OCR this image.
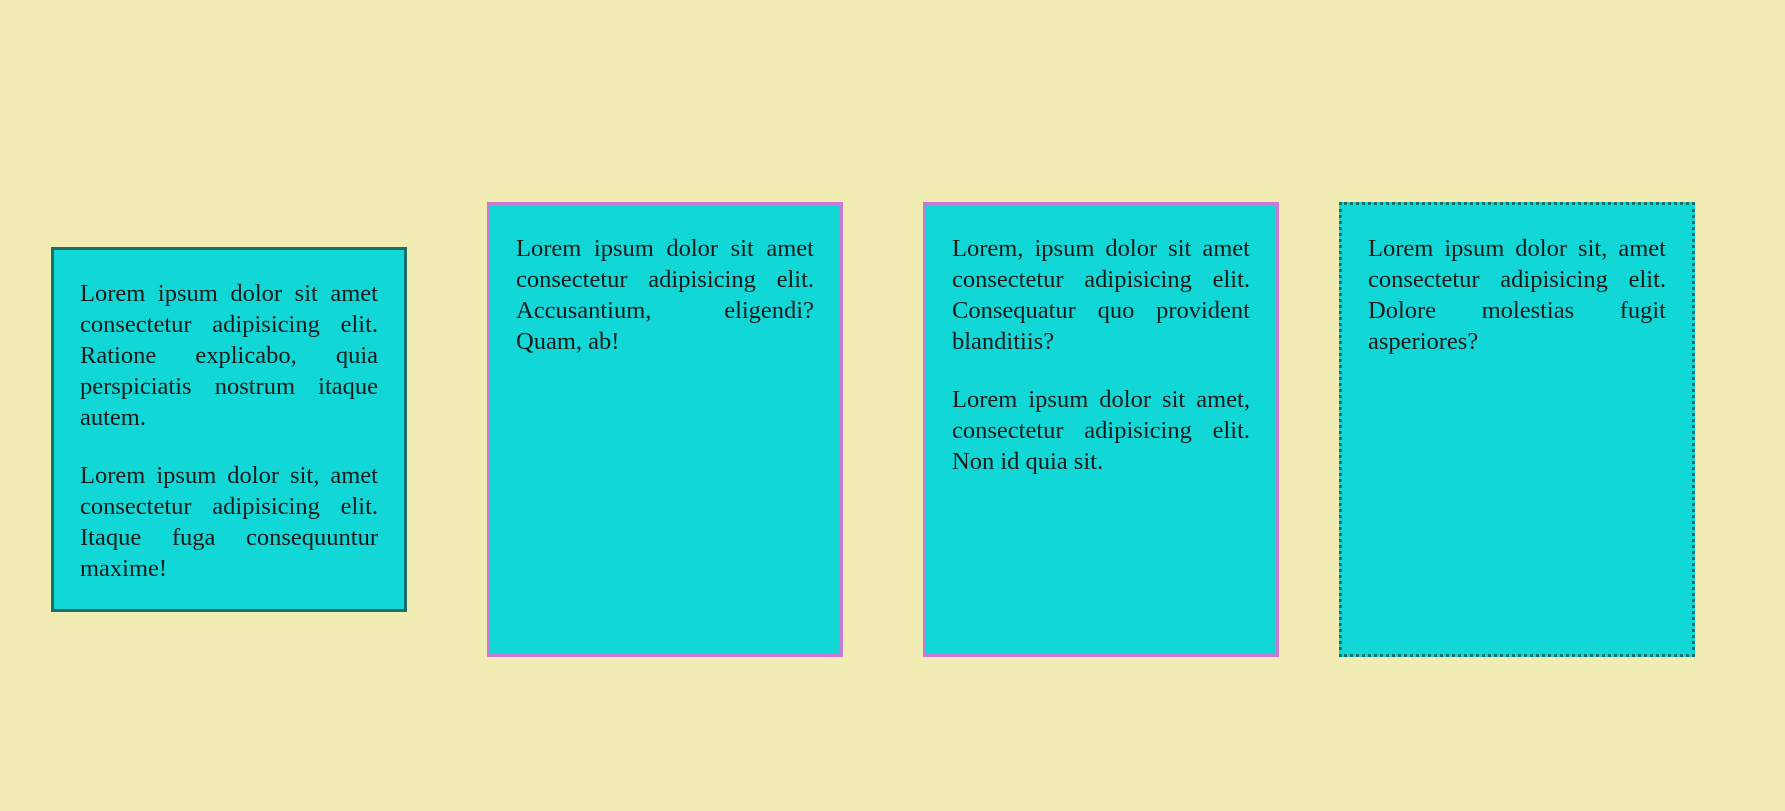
Lorem ipsum dolor sit amet consectetur adipisicing elit. Ratione explicabo, quia perspiciatis nostrum itaque autem.

Lorem ipsum dolor sit, amet consectetur adipisicing elit. Itaque fuga consequuntur maxime!

Lorem ipsum dolor sit amet consectetur adipisicing elit. Accusantium, eligendi? Quam, ab!

Lorem, ipsum dolor sit amet consectetur adipisicing elit. Consequatur quo provident blanditiis?

Lorem ipsum dolor sit amet, consectetur adipisicing elit. Non id quia sit.

Lorem ipsum dolor sit, amet consectetur adipisicing elit. Dolore molestias fugit asperiores?
